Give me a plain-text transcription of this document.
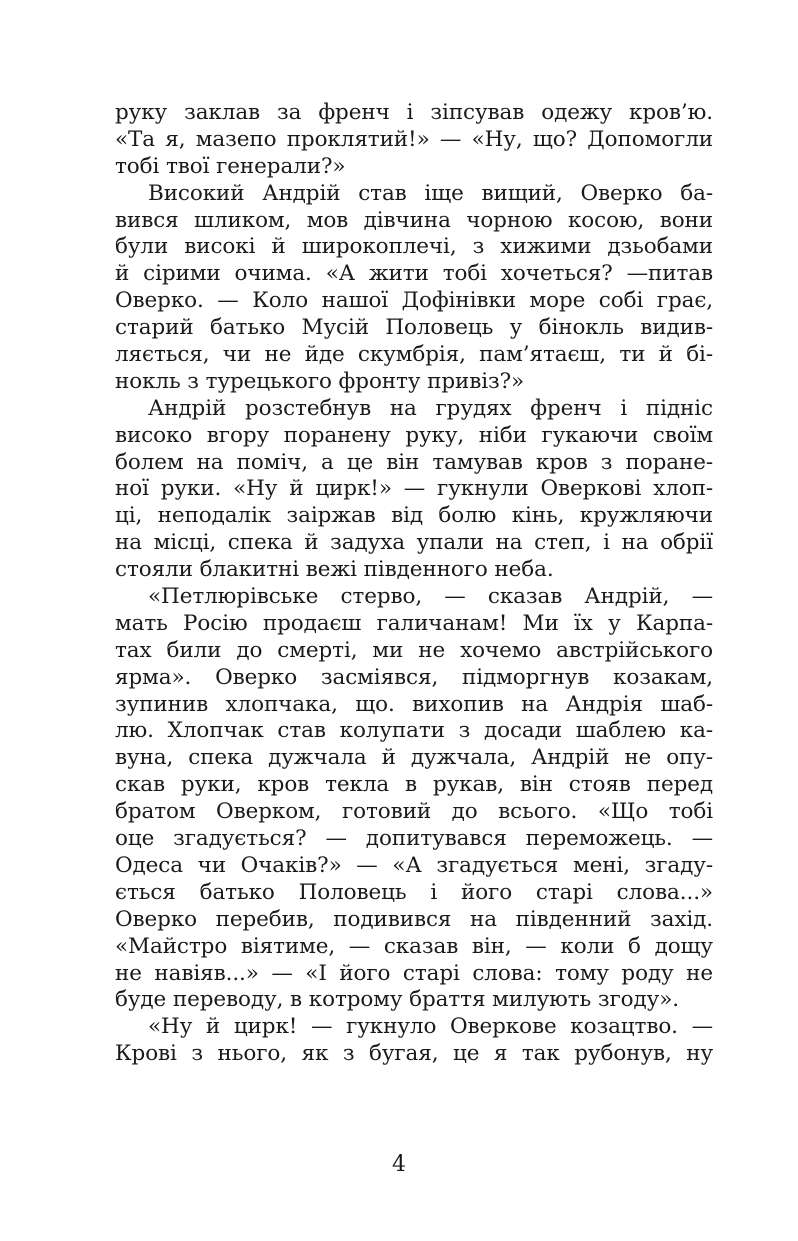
руку заклав за френч і зіпсував одежу кров’ю.
«Та я, мазепо проклятий!» — «Ну, що? Допомогли
тобі твої генерали?»
Високий Андрій став іще вищий, Оверко ба-
вився шликом, мов дівчина чорною косою, вони
були високі й широкоплечі, з хижими дзьобами
й сірими очима. «А жити тобі хочеться? —питав
Оверко. — Коло нашої Дофінівки море собі грає,
старий батько Мусій Половець у бінокль видив-
ляється, чи не йде скумбрія, пам’ятаєш, ти й бі-
нокль з турецького фронту привіз?»
Андрій розстебнув на грудях френч і підніс
високо вгору поранену руку, ніби гукаючи своїм
болем на поміч, а це він тамував кров з поране-
ної руки. «Ну й цирк!» — гукнули Оверкові хлоп-
ці, неподалік заіржав від болю кінь, кружляючи
на місці, спека й задуха упали на степ, і на обрії
стояли блакитні вежі південного неба.
«Петлюрівське стерво, — сказав Андрій, —
мать Росію продаєш галичанам! Ми їх у Карпа-
тах били до смерті, ми не хочемо австрійського
ярма». Оверко засміявся, підморгнув козакам,
зупинив хлопчака, що. вихопив на Андрія шаб-
лю. Хлопчак став колупати з досади шаблею ка-
вуна, спека дужчала й дужчала, Андрій не опу-
скав руки, кров текла в рукав, він стояв перед
братом Оверком, готовий до всього. «Що тобі
оце згадується? — допитувався переможець. —
Одеса чи Очаків?» — «А згадується мені, згаду-
ється батько Половець і його старі слова...»
Оверко перебив, подивився на південний захід.
«Майстро віятиме, — сказав він, — коли б дощу
не навіяв...» — «І його старі слова: тому роду не
буде переводу, в котрому браття милують згоду».
«Ну й цирк! — гукнуло Оверкове козацтво. —
Крові з нього, як з бугая, це я так рубонув, ну
4
